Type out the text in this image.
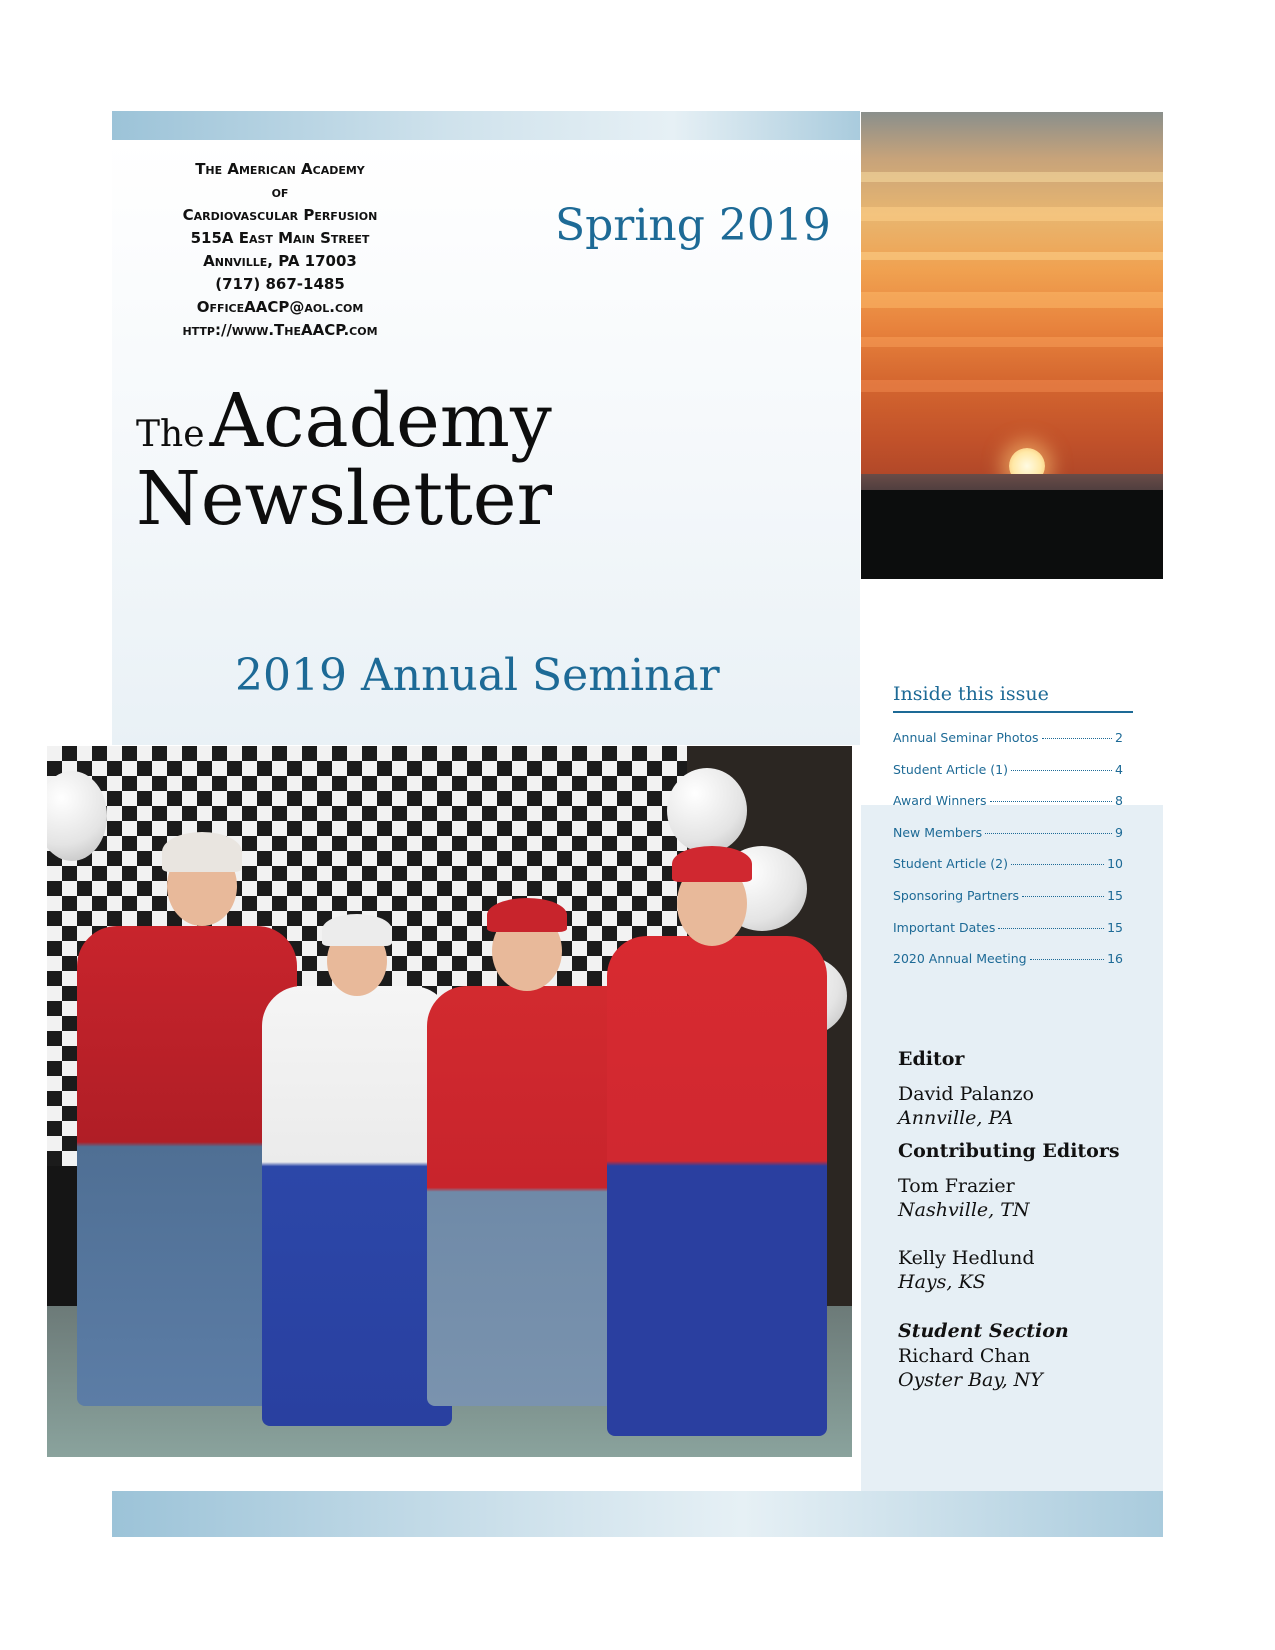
The American Academy
of
Cardiovascular Perfusion
515A East Main Street
Annville, PA 17003
(717) 867-1485
OfficeAACP@aol.com
http://www.TheAACP.com
Spring 2019
The Academy
Newsletter
2019 Annual Seminar	Inside this issue
Annual Seminar Photos	2
Student Article (1)	4
Award Winners	8
New Members	9
Student Article (2)	10
Sponsoring Partners	15
Important Dates	15
2020 Annual Meeting	16
Editor
David Palanzo
Annville, PA
Contributing Editors
Tom Frazier
Nashville, TN
Kelly Hedlund
Hays, KS
Student Section
Richard Chan
Oyster Bay, NY
